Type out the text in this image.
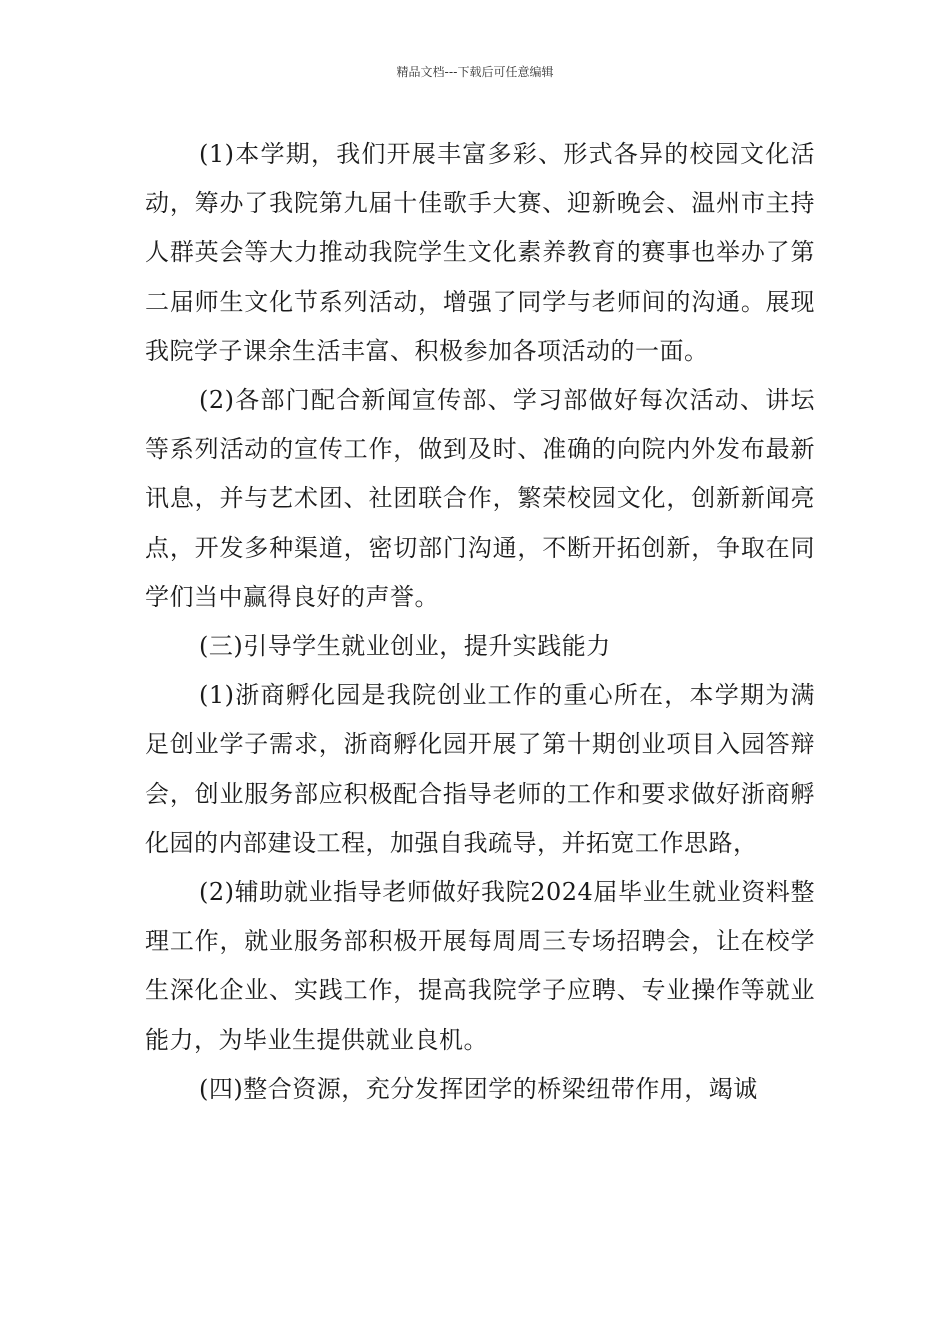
精品文档---下载后可任意编辑

(1)本学期，我们开展丰富多彩、形式各异的校园文化活动，筹办了我院第九届十佳歌手大赛、迎新晚会、温州市主持人群英会等大力推动我院学生文化素养教育的赛事也举办了第二届师生文化节系列活动，增强了同学与老师间的沟通。展现我院学子课余生活丰富、积极参加各项活动的一面。

(2)各部门配合新闻宣传部、学习部做好每次活动、讲坛等系列活动的宣传工作，做到及时、准确的向院内外发布最新讯息，并与艺术团、社团联合作，繁荣校园文化，创新新闻亮点，开发多种渠道，密切部门沟通，不断开拓创新，争取在同学们当中赢得良好的声誉。

(三)引导学生就业创业，提升实践能力

(1)浙商孵化园是我院创业工作的重心所在，本学期为满足创业学子需求，浙商孵化园开展了第十期创业项目入园答辩会，创业服务部应积极配合指导老师的工作和要求做好浙商孵化园的内部建设工程，加强自我疏导，并拓宽工作思路，

(2)辅助就业指导老师做好我院2024届毕业生就业资料整理工作，就业服务部积极开展每周周三专场招聘会，让在校学生深化企业、实践工作，提高我院学子应聘、专业操作等就业能力，为毕业生提供就业良机。

(四)整合资源，充分发挥团学的桥梁纽带作用，竭诚
